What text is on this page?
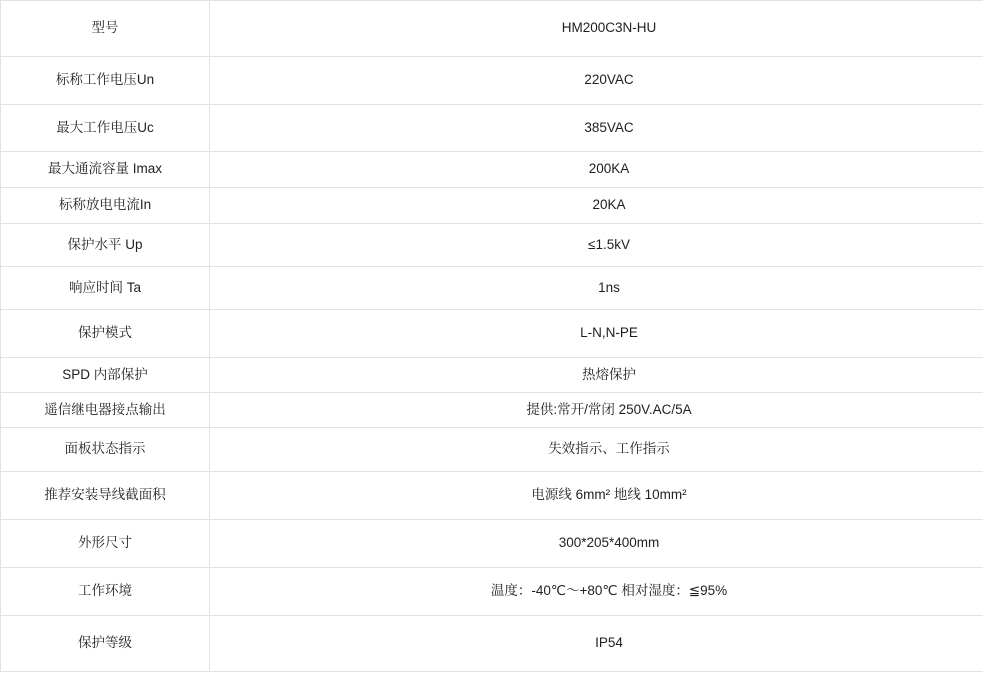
型号	HM200C3N-HU
标称工作电压Un	220VAC
最大工作电压Uc	385VAC
最大通流容量 Imax	200KA
标称放电电流In	20KA
保护水平 Up	≤1.5kV
响应时间 Ta	1ns
保护模式	L-N,N-PE
SPD 内部保护	热熔保护
遥信继电器接点输出	提供:常开/常闭 250V.AC/5A
面板状态指示	失效指示、工作指示
推荐安装导线截面积	电源线 6mm² 地线 10mm²
外形尺寸	300*205*400mm
工作环境	温度：-40℃～+80℃ 相对湿度：≦95%
保护等级	IP54
